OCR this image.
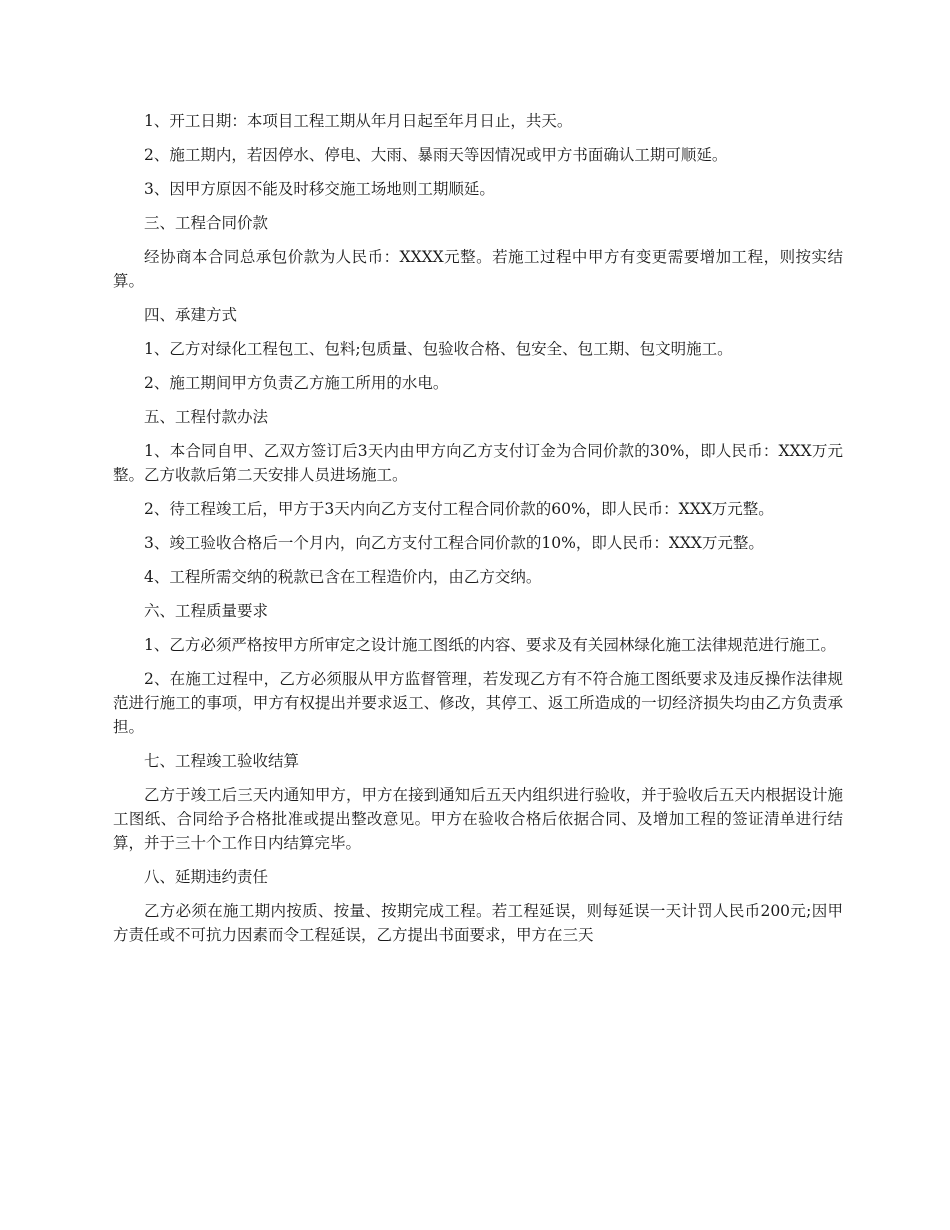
1、开工日期：本项目工程工期从年月日起至年月日止，共天。

2、施工期内，若因停水、停电、大雨、暴雨天等因情况或甲方书面确认工期可顺延。

3、因甲方原因不能及时移交施工场地则工期顺延。

三、工程合同价款

经协商本合同总承包价款为人民币：XXXX元整。若施工过程中甲方有变更需要增加工程，则按实结算。

四、承建方式

1、乙方对绿化工程包工、包料;包质量、包验收合格、包安全、包工期、包文明施工。

2、施工期间甲方负责乙方施工所用的水电。

五、工程付款办法

1、本合同自甲、乙双方签订后3天内由甲方向乙方支付订金为合同价款的30%，即人民币：XXX万元整。乙方收款后第二天安排人员进场施工。

2、待工程竣工后，甲方于3天内向乙方支付工程合同价款的60%，即人民币：XXX万元整。

3、竣工验收合格后一个月内，向乙方支付工程合同价款的10%，即人民币：XXX万元整。

4、工程所需交纳的税款已含在工程造价内，由乙方交纳。

六、工程质量要求

1、乙方必须严格按甲方所审定之设计施工图纸的内容、要求及有关园林绿化施工法律规范进行施工。

2、在施工过程中，乙方必须服从甲方监督管理，若发现乙方有不符合施工图纸要求及违反操作法律规范进行施工的事项，甲方有权提出并要求返工、修改，其停工、返工所造成的一切经济损失均由乙方负责承担。

七、工程竣工验收结算

乙方于竣工后三天内通知甲方，甲方在接到通知后五天内组织进行验收，并于验收后五天内根据设计施工图纸、合同给予合格批准或提出整改意见。甲方在验收合格后依据合同、及增加工程的签证清单进行结算，并于三十个工作日内结算完毕。

八、延期违约责任

乙方必须在施工期内按质、按量、按期完成工程。若工程延误，则每延误一天计罚人民币200元;因甲方责任或不可抗力因素而令工程延误，乙方提出书面要求，甲方在三天
